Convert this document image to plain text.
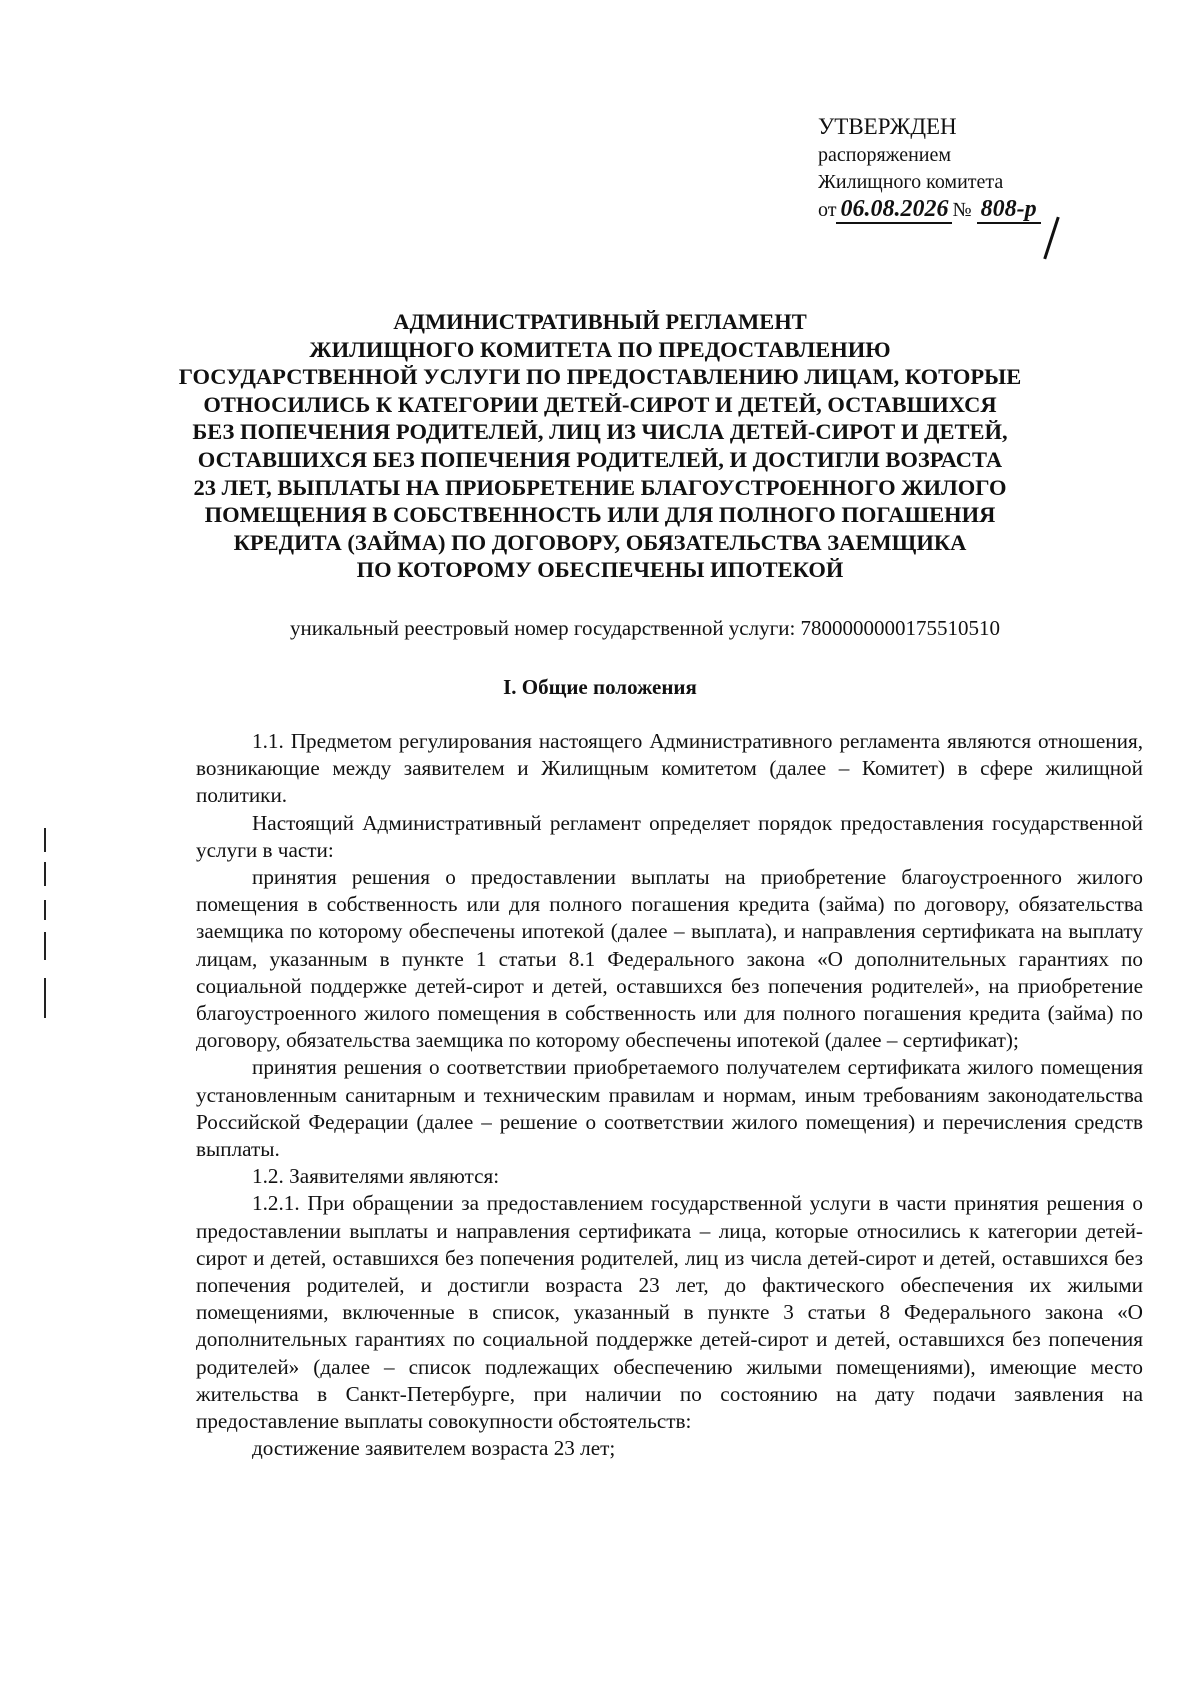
УТВЕРЖДЕН
распоряжением
Жилищного комитета
от 06.08.2026 № 808-р
АДМИНИСТРАТИВНЫЙ РЕГЛАМЕНТ
ЖИЛИЩНОГО КОМИТЕТА ПО ПРЕДОСТАВЛЕНИЮ
ГОСУДАРСТВЕННОЙ УСЛУГИ ПО ПРЕДОСТАВЛЕНИЮ ЛИЦАМ, КОТОРЫЕ
ОТНОСИЛИСЬ К КАТЕГОРИИ ДЕТЕЙ-СИРОТ И ДЕТЕЙ, ОСТАВШИХСЯ
БЕЗ ПОПЕЧЕНИЯ РОДИТЕЛЕЙ, ЛИЦ ИЗ ЧИСЛА ДЕТЕЙ-СИРОТ И ДЕТЕЙ,
ОСТАВШИХСЯ БЕЗ ПОПЕЧЕНИЯ РОДИТЕЛЕЙ, И ДОСТИГЛИ ВОЗРАСТА
23 ЛЕТ, ВЫПЛАТЫ НА ПРИОБРЕТЕНИЕ БЛАГОУСТРОЕННОГО ЖИЛОГО
ПОМЕЩЕНИЯ В СОБСТВЕННОСТЬ ИЛИ ДЛЯ ПОЛНОГО ПОГАШЕНИЯ
КРЕДИТА (ЗАЙМА) ПО ДОГОВОРУ, ОБЯЗАТЕЛЬСТВА ЗАЕМЩИКА
ПО КОТОРОМУ ОБЕСПЕЧЕНЫ ИПОТЕКОЙ
уникальный реестровый номер государственной услуги: 7800000000175510510
I. Общие положения

1.1. Предметом регулирования настоящего Административного регламента являются отношения, возникающие между заявителем и Жилищным комитетом (далее – Комитет) в сфере жилищной политики.

Настоящий Административный регламент определяет порядок предоставления государственной услуги в части:

принятия решения о предоставлении выплаты на приобретение благоустроенного жилого помещения в собственность или для полного погашения кредита (займа) по договору, обязательства заемщика по которому обеспечены ипотекой (далее – выплата), и направления сертификата на выплату лицам, указанным в пункте 1 статьи 8.1 Федерального закона «О дополнительных гарантиях по социальной поддержке детей-сирот и детей, оставшихся без попечения родителей», на приобретение благоустроенного жилого помещения в собственность или для полного погашения кредита (займа) по договору, обязательства заемщика по которому обеспечены ипотекой (далее – сертификат);

принятия решения о соответствии приобретаемого получателем сертификата жилого помещения установленным санитарным и техническим правилам и нормам, иным требованиям законодательства Российской Федерации (далее – решение о соответствии жилого помещения) и перечисления средств выплаты.

1.2. Заявителями являются:

1.2.1. При обращении за предоставлением государственной услуги в части принятия решения о предоставлении выплаты и направления сертификата – лица, которые относились к категории детей-сирот и детей, оставшихся без попечения родителей, лиц из числа детей-сирот и детей, оставшихся без попечения родителей, и достигли возраста 23 лет, до фактического обеспечения их жилыми помещениями, включенные в список, указанный в пункте 3 статьи 8 Федерального закона «О дополнительных гарантиях по социальной поддержке детей-сирот и детей, оставшихся без попечения родителей» (далее – список подлежащих обеспечению жилыми помещениями), имеющие место жительства в Санкт-Петербурге, при наличии по состоянию на дату подачи заявления на предоставление выплаты совокупности обстоятельств:

достижение заявителем возраста 23 лет;
